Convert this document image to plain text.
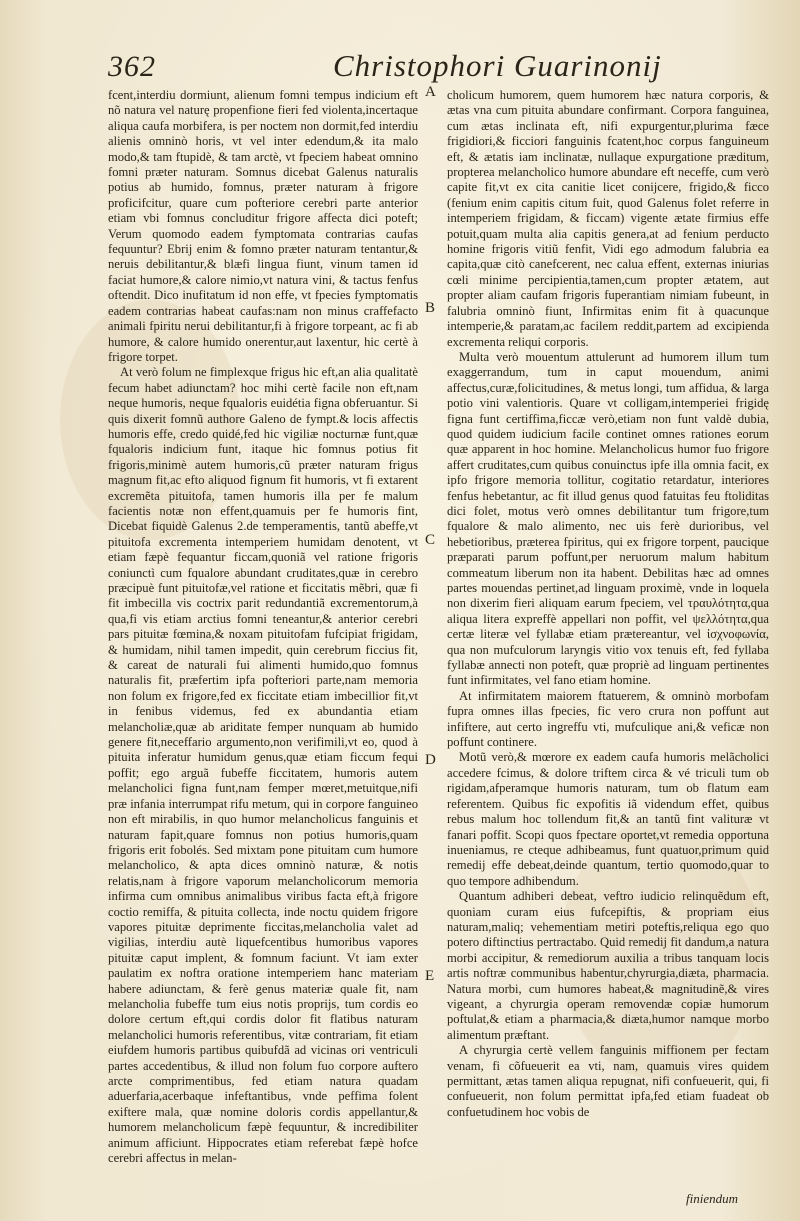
362	Christophori Guarinonij

fcent,interdiu dormiunt, alienum fomni tempus indicium eft nõ natura vel naturę propenfione fieri fed violenta,incertaque aliqua caufa morbifera, is per noctem non dormit,fed interdiu alienis omninò horis, vt vel inter edendum,& ita malo modo,& tam ftupidè, & tam arctè, vt fpeciem habeat omnino fomni præter naturam. Somnus dicebat Galenus naturalis potius ab humido, fomnus, præter naturam à frigore proficifcitur, quare cum pofteriore cerebri parte anterior etiam vbi fomnus concluditur frigore affecta dici poteft; Verum quomodo eadem fymptomata contrarias caufas fequuntur? Ebrij enim & fomno præter naturam tentantur,& neruis debilitantur,& blæfi lingua fiunt, vinum tamen id faciat humore,& calore nimio,vt natura vini, & tactus fenfus oftendit. Dico inufitatum id non effe, vt fpecies fymptomatis eadem contrarias habeat caufas:nam non minus craffefacto animali fpiritu nerui debilitantur,fi à frigore torpeant, ac fi ab humore, & calore humido onerentur,aut laxentur, hic certè à frigore torpet.

At verò folum ne fimplexque frigus hic eft,an alia qualitatè fecum habet adiunctam? hoc mihi certè facile non eft,nam neque humoris, neque fqualoris euidétia figna obferuantur. Si quis dixerit fomnũ authore Galeno de fympt.& locis affectis humoris effe, credo quidé,fed hic vigiliæ nocturnæ funt,quæ fqualoris indicium funt, itaque hic fomnus potius fit frigoris,minimè autem humoris,cũ præter naturam frigus magnum fit,ac efto aliquod fignum fit humoris, vt fi extarent excremẽta pituitofa, tamen humoris illa per fe malum facientis notæ non effent,quamuis per fe humoris fint, Dicebat fiquidè Galenus 2.de temperamentis, tantũ abeffe,vt pituitofa excrementa intemperiem humidam denotent, vt etiam fæpè fequantur ficcam,quoniã vel ratione frigoris coniunctì cum fqualore abundant cruditates,quæ in cerebro præcipuè funt pituitofæ,vel ratione et ficcitatis mẽbri, quæ fi fit imbecilla vis coctrix parit redundantiã excrementorum,à qua,fi vis etiam arctius fomni teneantur,& anterior cerebri pars pituitæ fœmina,& noxam pituitofam fufcipiat frigidam, & humidam, nihil tamen impedit, quin cerebrum ficcius fit, & careat de naturali fui alimenti humido,quo fomnus naturalis fit, præfertim ipfa pofteriori parte,nam memoria non folum ex frigore,fed ex ficcitate etiam imbecillior fit,vt in fenibus videmus, fed ex abundantia etiam melancholiæ,quæ ab ariditate femper nunquam ab humido genere fit,neceffario argumento,non verifimili,vt eo, quod à pituita inferatur humidum genus,quæ etiam ficcum fequi poffit; ego arguã fubeffe ficcitatem, humoris autem melancholici figna funt,nam femper mœret,metuitque,nifi præ infania interrumpat rifu metum, qui in corpore fanguineo non eft mirabilis, in quo humor melancholicus fanguinis et naturam fapit,quare fomnus non potius humoris,quam frigoris erit fobolés. Sed mixtam pone pituitam cum humore melancholico, & apta dices omninò naturæ, & notis relatis,nam à frigore vaporum melancholicorum memoria infirma cum omnibus animalibus viribus facta eft,à frigore coctio remiffa, & pituita collecta, inde noctu quidem frigore vapores pituitæ deprimente ficcitas,melancholia valet ad vigilias, interdiu autè liquefcentibus humoribus vapores pituitæ caput implent, & fomnum faciunt. Vt iam exter paulatim ex noftra oratione intemperiem hanc materiam habere adiunctam, & ferè genus materiæ quale fit, nam melancholia fubeffe tum eius notis proprijs, tum cordis eo dolore certum eft,qui cordis dolor fit flatibus naturam melancholici humoris referentibus, vitæ contrariam, fit etiam eiufdem humoris partibus quibufdã ad vicinas ori ventriculi partes accedentibus, & illud non folum fuo corpore auftero arcte comprimentibus, fed etiam natura quadam aduerfaria,acerbaque infeftantibus, vnde peffima folent exiftere mala, quæ nomine doloris cordis appellantur,& humorem melancholicum fæpè fequuntur, & incredibiliter animum afficiunt. Hippocrates etiam referebat fæpè hofce cerebri affectus in melan-

A
B
C
D
E

cholicum humorem, quem humorem hæc natura corporis, & ætas vna cum pituita abundare confirmant. Corpora fanguinea, cum ætas inclinata eft, nifi expurgentur,plurima fæce frigidiori,& ficciori fanguinis fcatent,hoc corpus fanguineum eft, & ætatis iam inclinatæ, nullaque expurgatione præditum, propterea melancholico humore abundare eft neceffe, cum verò capite fit,vt ex cita canitie licet conijcere, frigido,& ficco (fenium enim capitis citum fuit, quod Galenus folet referre in intemperiem frigidam, & ficcam) vigente ætate firmius effe potuit,quam multa alia capitis genera,at ad fenium perducto homine frigoris vitiũ fenfit, Vidi ego admodum falubria ea capita,quæ citò canefcerent, nec calua effent, externas iniurias cœli minime percipientia,tamen,cum propter ætatem, aut propter aliam caufam frigoris fuperantiam nimiam fubeunt, in falubria omninò fiunt, Infirmitas enim fit à quacunque intemperie,& paratam,ac facilem reddit,partem ad excipienda excrementa reliqui corporis.

Multa verò mouentum attulerunt ad humorem illum tum exaggerrandum, tum in caput mouendum, animi affectus,curæ,folicitudines, & metus longi, tum affidua, & larga potio vini valentioris. Quare vt colligam,intemperiei frigidę figna funt certiffima,ficcæ verò,etiam non funt valdè dubia, quod quidem iudicium facile continet omnes rationes eorum quæ apparent in hoc homine. Melancholicus humor fuo frigore affert cruditates,cum quibus conuinctus ipfe illa omnia facit, ex ipfo frigore memoria tollitur, cogitatio retardatur, interiores fenfus hebetantur, ac fit illud genus quod fatuitas feu ftoliditas dici folet, motus verò omnes debilitantur tum frigore,tum fqualore & malo alimento, nec uis ferè durioribus, vel hebetioribus, præterea fpiritus, qui ex frigore torpent, paucique præparati parum poffunt,per neruorum malum habitum commeatum liberum non ita habent. Debilitas hæc ad omnes partes mouendas pertinet,ad linguam proximè, vnde in loquela non dixerim fieri aliquam earum fpeciem, vel τραυλότητα,qua aliqua litera expreffè appellari non poffit, vel ψελλότητα,qua certæ literæ vel fyllabæ etiam prætereantur, vel ἰσχνοφωνία, qua non mufculorum laryngis vitio vox tenuis eft, fed fyllaba fyllabæ annecti non poteft, quæ propriè ad linguam pertinentes funt infirmitates, vel fano etiam homine.

At infirmitatem maiorem ftatuerem, & omninò morbofam fupra omnes illas fpecies, fic vero crura non poffunt aut infiftere, aut certo ingreffu vti, mufculique ani,& veficæ non poffunt continere.

Motũ verò,& mœrore ex eadem caufa humoris melãcholici accedere fcimus, & dolore triftem circa & vé triculi tum ob rigidam,afperamque humoris naturam, tum ob flatum eam referentem. Quibus fic expofitis iã videndum effet, quibus rebus malum hoc tollendum fit,& an tantũ fint valituræ vt fanari poffit. Scopi quos fpectare oportet,vt remedia opportuna inueniamus, re cteque adhibeamus, funt quatuor,primum quid remedij effe debeat,deinde quantum, tertio quomodo,quar to quo tempore adhibendum.

Quantum adhiberi debeat, veftro iudicio relinquẽdum eft, quoniam curam eius fufcepiftis, & propriam eius naturam,maliq; vehementiam metiri poteftis,reliqua ego quo potero diftinctius pertractabo. Quid remedij fit dandum,a natura morbi accipitur, & remediorum auxilia a tribus tanquam locis artis noftræ communibus habentur,chyrurgia,diæta, pharmacia. Natura morbi, cum humores habeat,& magnitudinẽ,& vires vigeant, a chyrurgia operam removendæ copiæ humorum poftulat,& etiam a pharmacia,& diæta,humor namque morbo alimentum præftant.

A chyrurgia certè vellem fanguinis miffionem per fectam venam, fi cõfueuerit ea vti, nam, quamuis vires quidem permittant, ætas tamen aliqua repugnat, nifi confueuerit, qui, fi confueuerit, non folum permittat ipfa,fed etiam fuadeat ob confuetudinem hoc vobis de

finiendum
